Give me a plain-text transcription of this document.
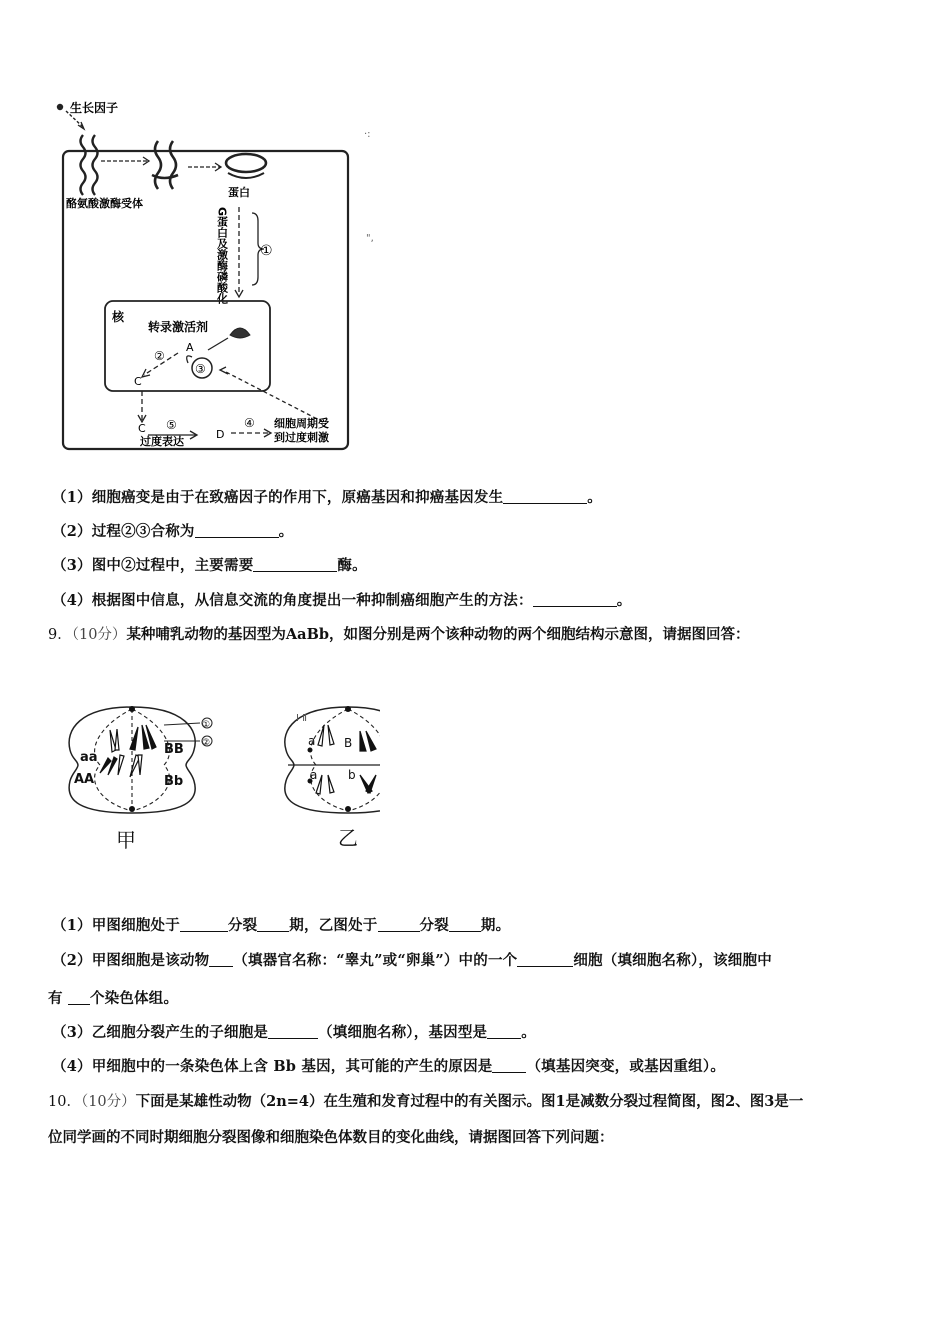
生长因子
蛋白
酪氨酸激酶受体
G蛋白及激酶磷酸化 ①
核
转录激活剂
A
③
②
C
C
过度表达
⑤
D
④ 细胞周期受
到过度刺激
·:
",
（1）细胞癌变是由于在致癌因子的作用下，原癌基因和抑癌基因发生	。
（2）过程②③合称为	。
（3）图中②过程中，主要需要	酶。
（4）根据图中信息，从信息交流的角度提出一种抑制癌细胞产生的方法：	。
9．（10分）某种哺乳动物的基因型为AaBb，如图分别是两个该种动物的两个细胞结构示意图，请据图回答：
aa
AA
BB
Bb
①
②
甲
Ⅰ Ⅱ
a B
a	b
乙
（1）甲图细胞处于	分裂 期，乙图处于	分裂 期。
（2）甲图细胞是该动物 （填器官名称：“睾丸”或“卵巢”）中的一个	细胞（填细胞名称），该细胞中
有 个染色体组。
（3）乙细胞分裂产生的子细胞是	（填细胞名称），基因型是 。
（4）甲细胞中的一条染色体上含 Bb 基因，其可能的产生的原因是 （填基因突变，或基因重组）。
10．（10分）下面是某雄性动物（2n=4）在生殖和发育过程中的有关图示。图1是减数分裂过程简图，图2、图3是一
位同学画的不同时期细胞分裂图像和细胞染色体数目的变化曲线，请据图回答下列问题：
